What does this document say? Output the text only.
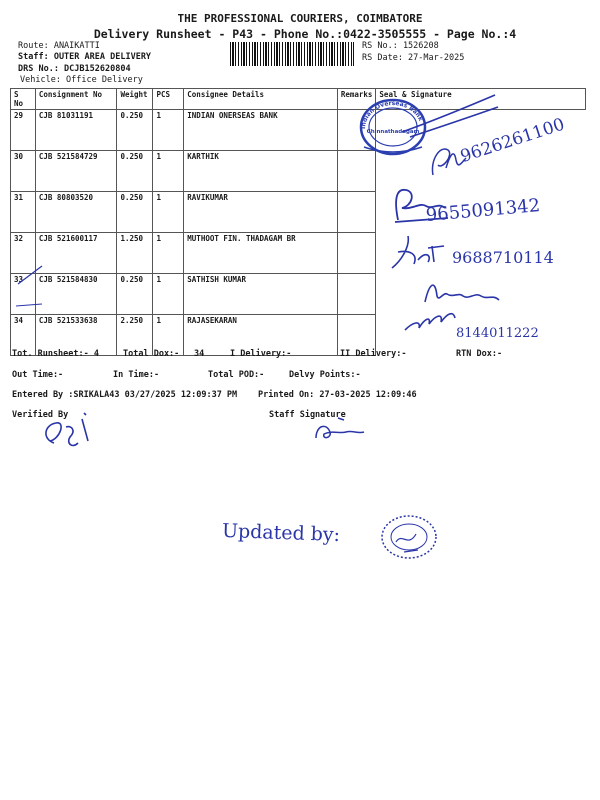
THE PROFESSIONAL COURIERS, COIMBATORE
Delivery Runsheet - P43 - Phone No.:0422-3505555 - Page No.:4
Route: ANAIKATTI
Staff: OUTER AREA DELIVERY
DRS No.: DCJB152620804
Vehicle: Office Delivery
RS No.: 1526208
RS Date: 27-Mar-2025
S No	Consignment No	Weight	PCS	Consignee Details	Remarks	Seal & Signature
29	CJB 81031191	0.250	1	INDIAN ONERSEAS BANK		
30	CJB 521584729	0.250	1	KARTHIK		
31	CJB 80803520	0.250	1	RAVIKUMAR		
32	CJB 521600117	1.250	1	MUTHOOT FIN. THADAGAM BR		
33	CJB 521584830	0.250	1	SATHISH KUMAR		
34	CJB 521533638	2.250	1	RAJASEKARAN		
Tot. Runsheet:- 4	Total Dox:- 34	I Delivery:-	II Delivery:-	RTN Dox:-
Out Time:-	In Time:-	Total POD:-	Delvy Points:-
Entered By :SRIKALA43 03/27/2025 12:09:37 PM Printed On: 27-03-2025 12:09:46
Verified By	Staff Signature
Indian Overseas Bank
Chinnathadagam 9626261100
9655091342
9688710114
8144011222
Updated by:
